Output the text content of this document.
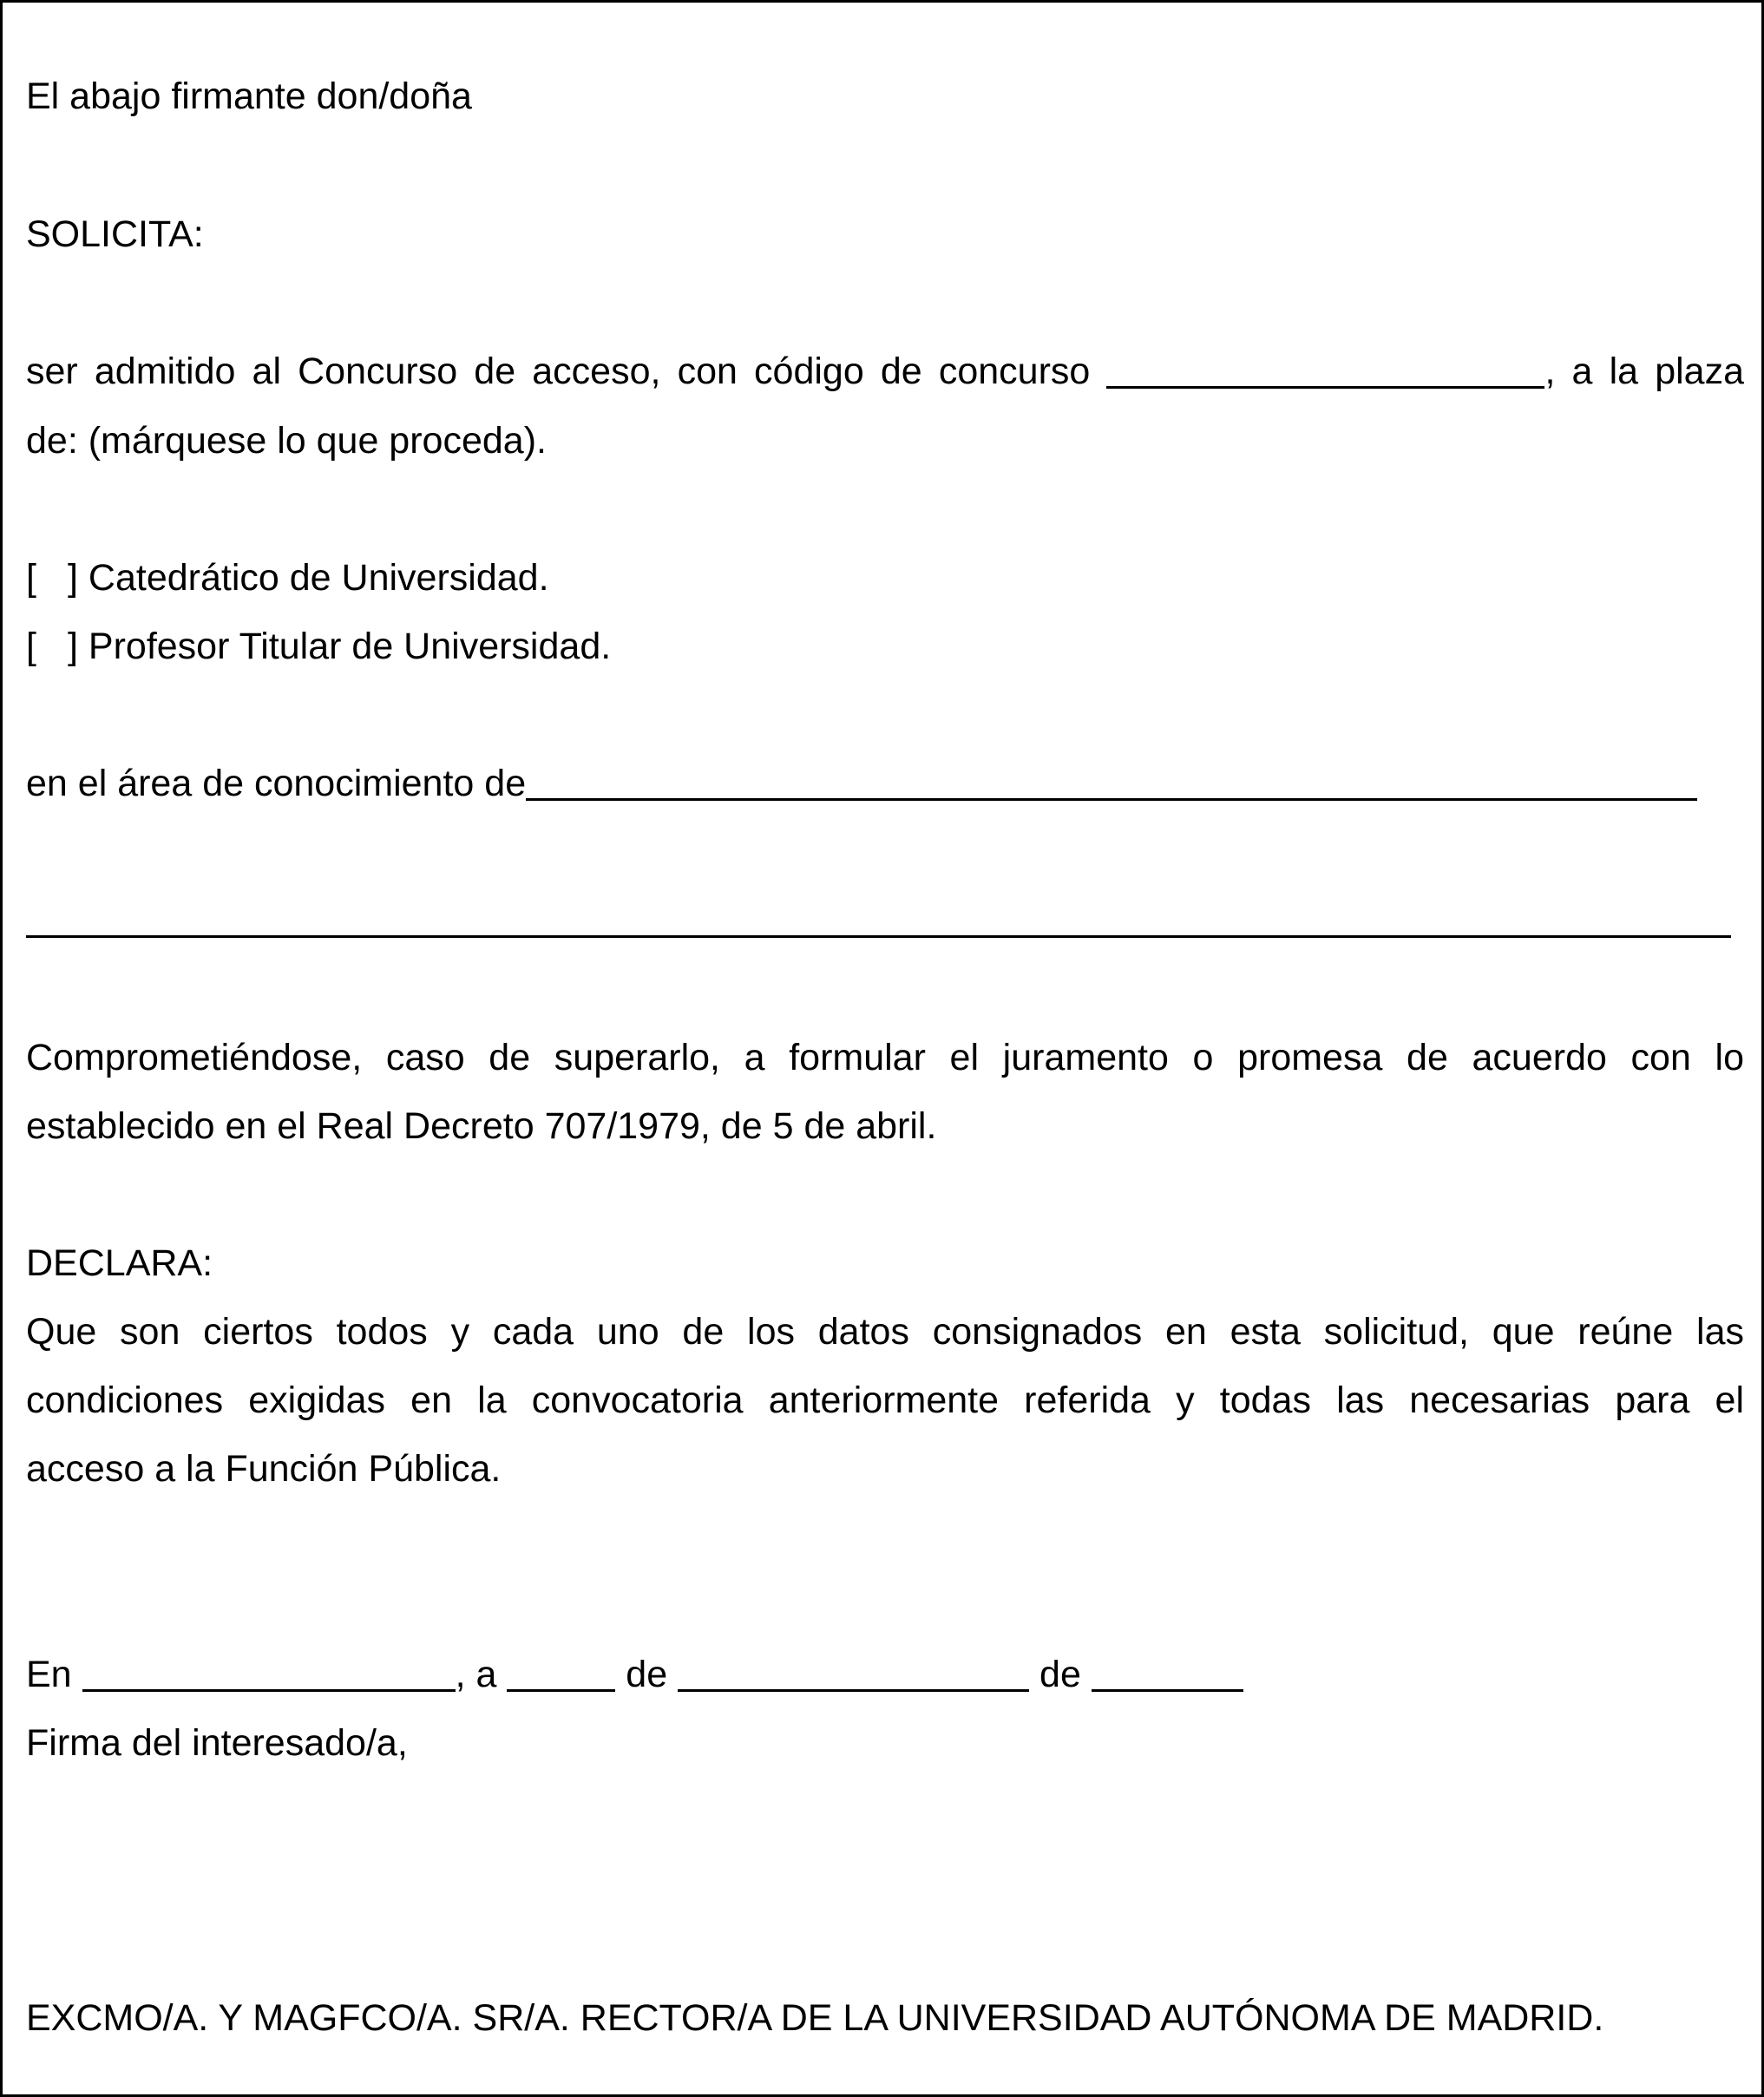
El abajo firmante don/doña
SOLICITA:
ser admitido al Concurso de acceso, con código de concurso	, a la plaza
de: (márquese lo que proceda).
[ ] Catedrático de Universidad.
[ ] Profesor Titular de Universidad.
en el área de conocimiento de
Comprometiéndose, caso de superarlo, a formular el juramento o promesa de acuerdo con lo
establecido en el Real Decreto 707/1979, de 5 de abril.
DECLARA:
Que son ciertos todos y cada uno de los datos consignados en esta solicitud, que reúne las
condiciones exigidas en la convocatoria anteriormente referida y todas las necesarias para el
acceso a la Función Pública.
En	, a	de	de
Firma del interesado/a,
EXCMO/A. Y MAGFCO/A. SR/A. RECTOR/A DE LA UNIVERSIDAD AUTÓNOMA DE MADRID.
